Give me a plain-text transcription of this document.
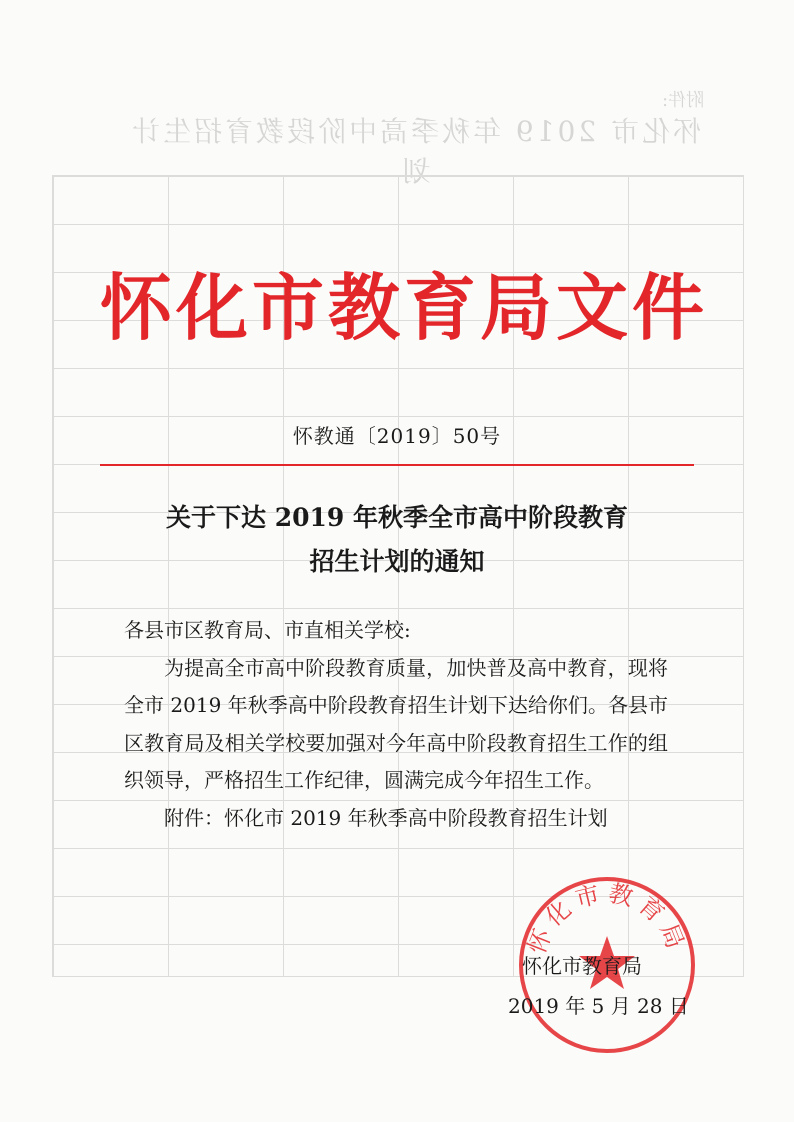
附件:
怀化市 2019 年秋季高中阶段教育招生计划
怀化市教育局文件
怀教通〔2019〕50号
关于下达 2019 年秋季全市高中阶段教育
招生计划的通知

各县市区教育局、市直相关学校:

为提高全市高中阶段教育质量，加快普及高中教育，现将全市 2019 年秋季高中阶段教育招生计划下达给你们。各县市区教育局及相关学校要加强对今年高中阶段教育招生工作的组织领导，严格招生工作纪律，圆满完成今年招生工作。

附件：怀化市 2019 年秋季高中阶段教育招生计划

怀化市教育局
怀化市教育局
2019 年 5 月 28 日
